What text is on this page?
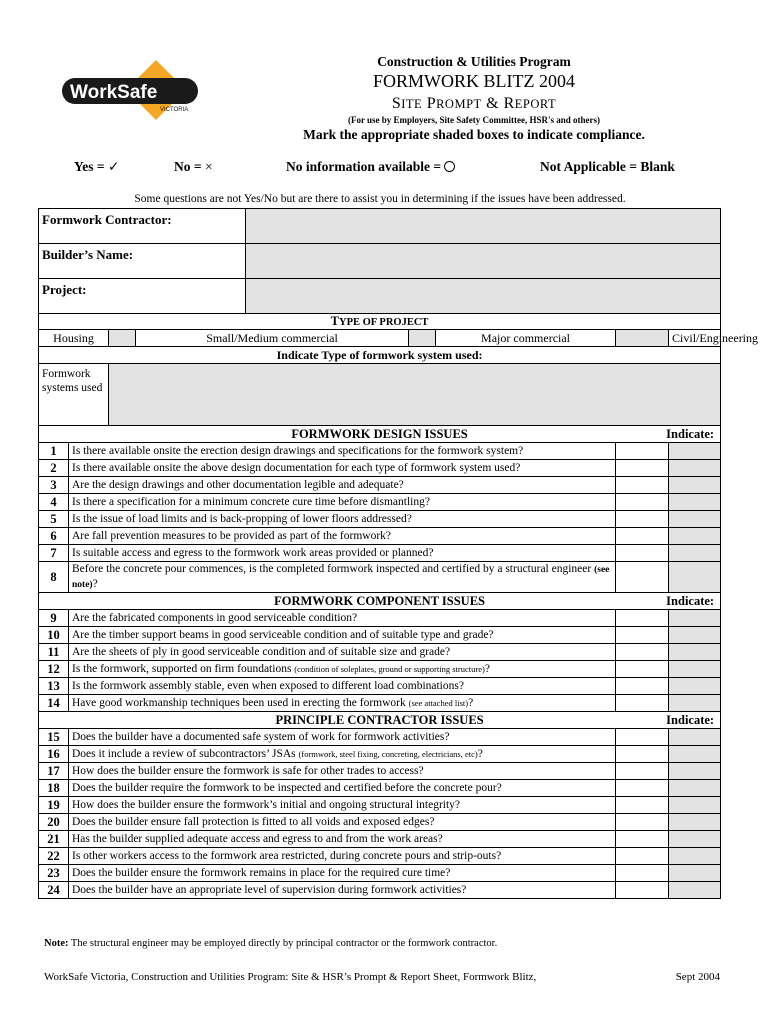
WorkSafe
VICTORIA
Construction & Utilities Program
FORMWORK BLITZ 2004
SITE PROMPT & REPORT
(For use by Employers, Site Safety Committee, HSR's and others)
Mark the appropriate shaded boxes to indicate compliance.
Yes = ✓	No = ×	No information available =	Not Applicable = Blank
Some questions are not Yes/No but are there to assist you in determining if the issues have been addressed.
Formwork Contractor:								
Builder’s Name:								
Project:								
TYPE OF PROJECT								
Housing			Small/Medium commercial			Major commercial		Civil/Engineering
Indicate Type of formwork system used:								
Formwork systems used								
FORMWORK DESIGN ISSUES Indicate:								

1	Is there available onsite the erection design drawings and specifications for the formwork system?							
2	Is there available onsite the above design documentation for each type of formwork system used?							
3	Are the design drawings and other documentation legible and adequate?							
4	Is there a specification for a minimum concrete cure time before dismantling?							
5	Is the issue of load limits and is back-propping of lower floors addressed?							
6	Are fall prevention measures to be provided as part of the formwork?							
7	Is suitable access and egress to the formwork work areas provided or planned?							
8	Before the concrete pour commences, is the completed formwork inspected and certified by a structural engineer (see note)?							
FORMWORK COMPONENT ISSUES Indicate:								

9	Are the fabricated components in good serviceable condition?							
10	Are the timber support beams in good serviceable condition and of suitable type and grade?							
11	Are the sheets of ply in good serviceable condition and of suitable size and grade?							
12	Is the formwork, supported on firm foundations (condition of soleplates, ground or supporting structure)?							
13	Is the formwork assembly stable, even when exposed to different load combinations?							
14	Have good workmanship techniques been used in erecting the formwork (see attached list)?							
PRINCIPLE CONTRACTOR ISSUES Indicate:								

15	Does the builder have a documented safe system of work for formwork activities?							
16	Does it include a review of subcontractors’ JSAs (formwork, steel fixing, concreting, electricians, etc)?							
17	How does the builder ensure the formwork is safe for other trades to access?							
18	Does the builder require the formwork to be inspected and certified before the concrete pour?							
19	How does the builder ensure the formwork’s initial and ongoing structural integrity?							
20	Does the builder ensure fall protection is fitted to all voids and exposed edges?							
21	Has the builder supplied adequate access and egress to and from the work areas?							
22	Is other workers access to the formwork area restricted, during concrete pours and strip-outs?							
23	Does the builder ensure the formwork remains in place for the required cure time?							
24	Does the builder have an appropriate level of supervision during formwork activities?							
Note: The structural engineer may be employed directly by principal contractor or the formwork contractor.
WorkSafe Victoria, Construction and Utilities Program: Site & HSR’s Prompt & Report Sheet, Formwork Blitz,	Sept 2004
